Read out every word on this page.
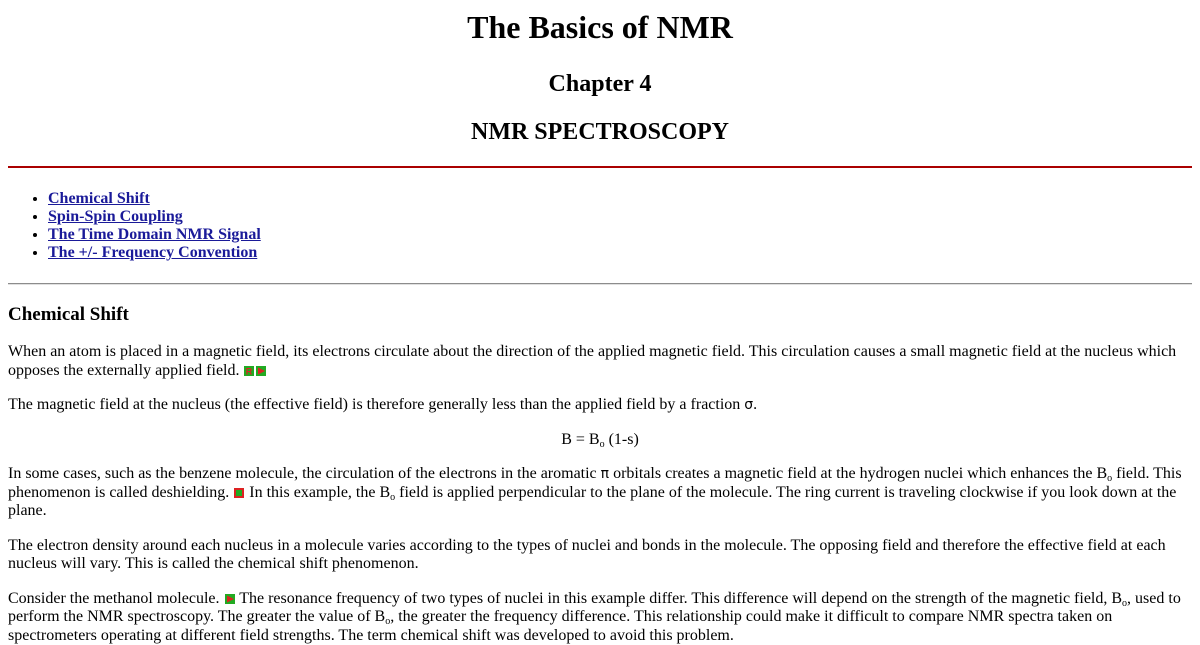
The Basics of NMR
Chapter 4
NMR SPECTROSCOPY
• Chemical Shift
• Spin-Spin Coupling
• The Time Domain NMR Signal
• The +/- Frequency Convention
Chemical Shift

When an atom is placed in a magnetic field, its electrons circulate about the direction of the applied magnetic field. This circulation causes a small magnetic field at the nucleus which opposes the externally applied field. R

The magnetic field at the nucleus (the effective field) is therefore generally less than the applied field by a fraction σ.

$B = B_o$ (1-s)

In some cases, such as the benzene molecule, the circulation of the electrons in the aromatic π orbitals creates a magnetic field at the hydrogen nuclei which enhances the $B_o$ field. This phenomenon is called deshielding.  In this example, the $B_o$ field is applied perpendicular to the plane of the molecule. The ring current is traveling clockwise if you look down at the plane.

The electron density around each nucleus in a molecule varies according to the types of nuclei and bonds in the molecule. The opposing field and therefore the effective field at each nucleus will vary. This is called the chemical shift phenomenon.

Consider the methanol molecule.  The resonance frequency of two types of nuclei in this example differ. This difference will depend on the strength of the magnetic field, $B_o$, used to perform the NMR spectroscopy. The greater the value of $B_o$, the greater the frequency difference. This relationship could make it difficult to compare NMR spectra taken on spectrometers operating at different field strengths. The term chemical shift was developed to avoid this problem.
